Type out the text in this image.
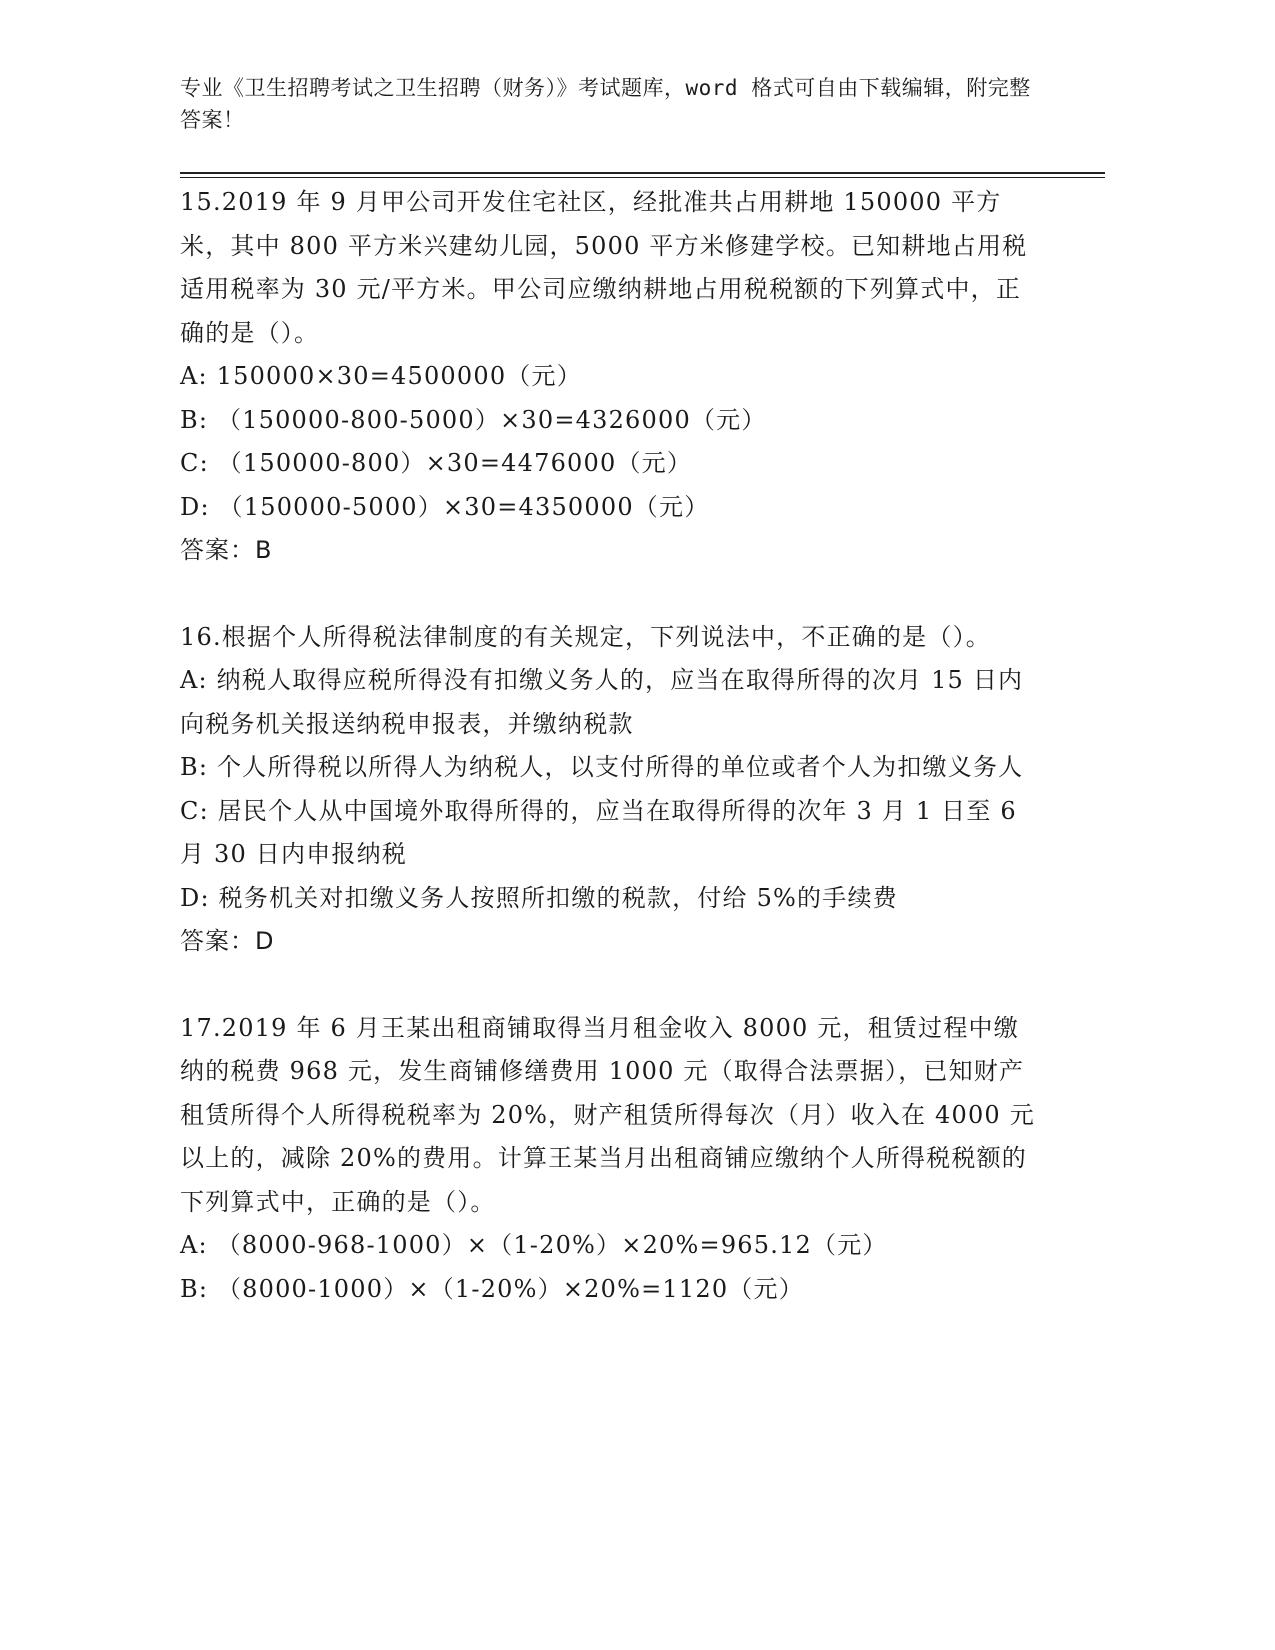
专业《卫生招聘考试之卫生招聘（财务）》考试题库，word 格式可自由下载编辑，附完整答案！

15.2019 年 9 月甲公司开发住宅社区，经批准共占用耕地 150000 平方米，其中 800 平方米兴建幼儿园，5000 平方米修建学校。已知耕地占用税适用税率为 30 元/平方米。甲公司应缴纳耕地占用税税额的下列算式中，正确的是（）。

A: 150000×30=4500000（元）

B: （150000-800-5000）×30=4326000（元）

C: （150000-800）×30=4476000（元）

D: （150000-5000）×30=4350000（元）

答案：B

16.根据个人所得税法律制度的有关规定，下列说法中，不正确的是（）。

A: 纳税人取得应税所得没有扣缴义务人的，应当在取得所得的次月 15 日内向税务机关报送纳税申报表，并缴纳税款

B: 个人所得税以所得人为纳税人，以支付所得的单位或者个人为扣缴义务人

C: 居民个人从中国境外取得所得的，应当在取得所得的次年 3 月 1 日至 6 月 30 日内申报纳税

D: 税务机关对扣缴义务人按照所扣缴的税款，付给 5%的手续费

答案：D

17.2019 年 6 月王某出租商铺取得当月租金收入 8000 元，租赁过程中缴纳的税费 968 元，发生商铺修缮费用 1000 元（取得合法票据），已知财产租赁所得个人所得税税率为 20%，财产租赁所得每次（月）收入在 4000 元以上的，减除 20%的费用。计算王某当月出租商铺应缴纳个人所得税税额的下列算式中，正确的是（）。

A: （8000-968-1000）×（1-20%）×20%=965.12（元）

B: （8000-1000）×（1-20%）×20%=1120（元）
